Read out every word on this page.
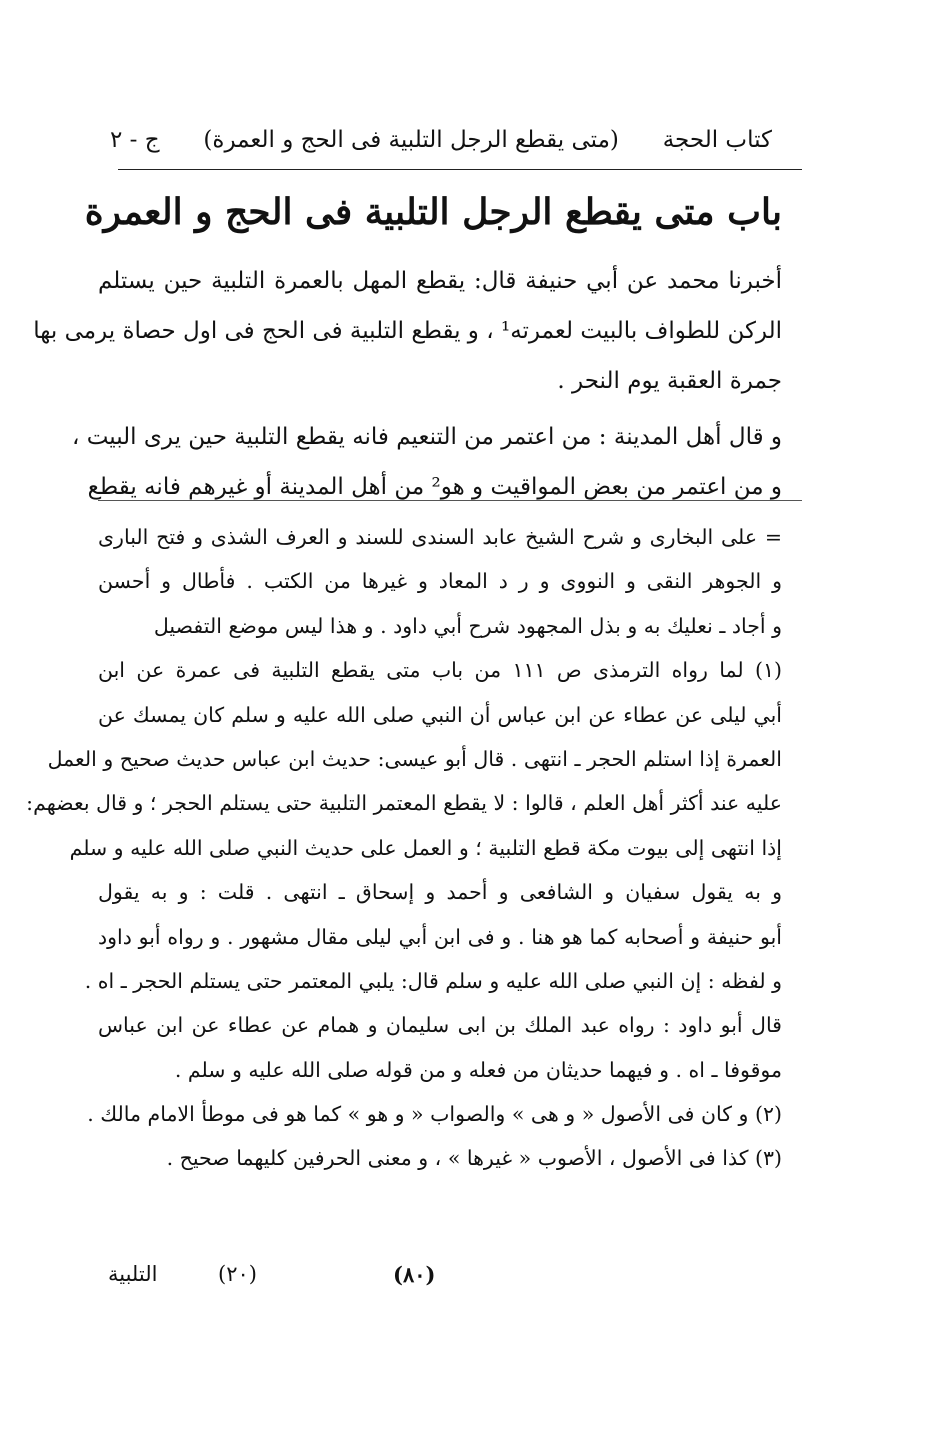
كتاب الحجة
(متى يقطع الرجل التلبية فى الحج و العمرة)
ج - ٢
باب متى يقطع الرجل التلبية فى الحج و العمرة
أخبرنا محمد عن أبي حنيفة قال: يقطع المهل بالعمرة التلبية حين يستلم
الركن للطواف بالبيت لعمرته¹ ، و يقطع التلبية فى الحج فى اول حصاة يرمى بها
جمرة العقبة يوم النحر .
و قال أهل المدينة : من اعتمر من التنعيم فانه يقطع التلبية حين يرى البيت ،
و من اعتمر من بعض المواقيت و هو² من أهل المدينة أو غيرهم فانه يقطع
= على البخارى و شرح الشيخ عابد السندى للسند و العرف الشذى و فتح البارى
و الجوهر النقى و النووى و ر د المعاد و غيرها من الكتب . فأطال و أحسن
و أجاد ـ نعليك به و بذل المجهود شرح أبي داود . و هذا ليس موضع التفصيل
(١) لما رواه الترمذى ص ١١١ من باب متى يقطع التلبية فى عمرة عن ابن
أبي ليلى عن عطاء عن ابن عباس أن النبي صلى الله عليه و سلم كان يمسك عن
العمرة إذا استلم الحجر ـ انتهى . قال أبو عيسى: حديث ابن عباس حديث صحيح و العمل
عليه عند أكثر أهل العلم ، قالوا : لا يقطع المعتمر التلبية حتى يستلم الحجر ؛ و قال بعضهم:
إذا انتهى إلى بيوت مكة قطع التلبية ؛ و العمل على حديث النبي صلى الله عليه و سلم
و به يقول سفيان و الشافعى و أحمد و إسحاق ـ انتهى . قلت : و به يقول
أبو حنيفة و أصحابه كما هو هنا . و فى ابن أبي ليلى مقال مشهور . و رواه أبو داود
و لفظه : إن النبي صلى الله عليه و سلم قال: يلبي المعتمر حتى يستلم الحجر ـ اه .
قال أبو داود : رواه عبد الملك بن ابى سليمان و همام عن عطاء عن ابن عباس
موقوفا ـ اه . و فيهما حديثان من فعله و من قوله صلى الله عليه و سلم .
(٢) و كان فى الأصول « و هى » والصواب « و هو » كما هو فى موطأ الامام مالك .
(٣) كذا فى الأصول ، الأصوب « غيرها » ، و معنى الحرفين كليهما صحيح .
التلبية	(٢٠)	(٨٠)
